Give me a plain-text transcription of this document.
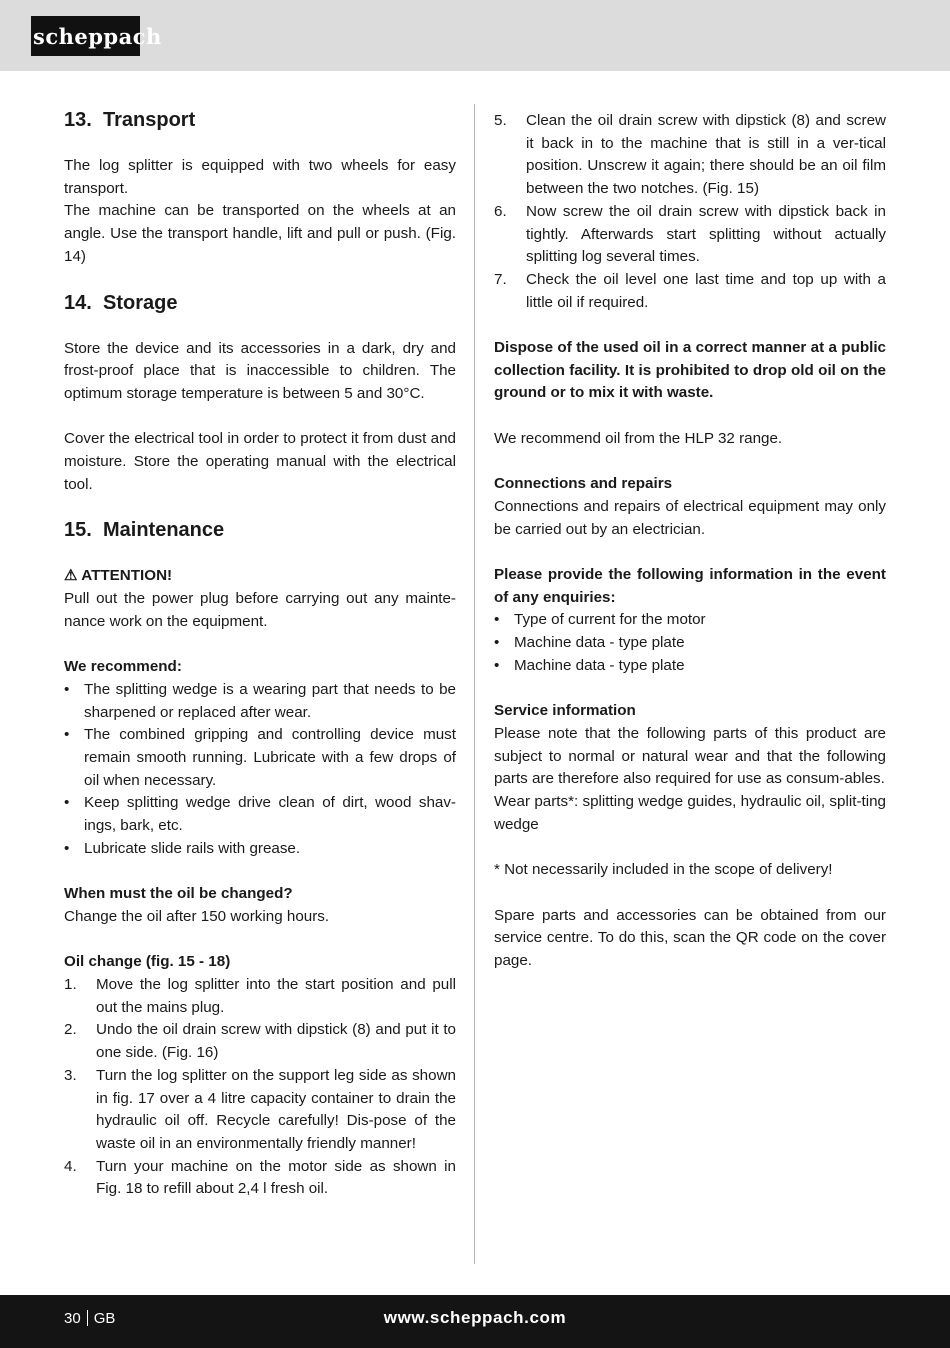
scheppach
13. Transport

The log splitter is equipped with two wheels for easy transport.

The machine can be transported on the wheels at an angle. Use the transport handle, lift and pull or push. (Fig. 14)

14. Storage

Store the device and its accessories in a dark, dry and frost-proof place that is inaccessible to children. The optimum storage temperature is between 5 and 30°C.

Cover the electrical tool in order to protect it from dust and moisture. Store the operating manual with the electrical tool.

15. Maintenance

⚠ ATTENTION!

Pull out the power plug before carrying out any mainte-nance work on the equipment.

We recommend:

• The splitting wedge is a wearing part that needs to be sharpened or replaced after wear.
• The combined gripping and controlling device must remain smooth running. Lubricate with a few drops of oil when necessary.
• Keep splitting wedge drive clean of dirt, wood shav-ings, bark, etc.
• Lubricate slide rails with grease.

When must the oil be changed?

Change the oil after 150 working hours.

Oil change (fig. 15 - 18)

1. Move the log splitter into the start position and pull out the mains plug.
2. Undo the oil drain screw with dipstick (8) and put it to one side. (Fig. 16)
3. Turn the log splitter on the support leg side as shown in fig. 17 over a 4 litre capacity container to drain the hydraulic oil off. Recycle carefully! Dis-pose of the waste oil in an environmentally friendly manner!
4. Turn your machine on the motor side as shown in Fig. 18 to refill about 2,4 l fresh oil.
5. Clean the oil drain screw with dipstick (8) and screw it back in to the machine that is still in a ver-tical position. Unscrew it again; there should be an oil film between the two notches. (Fig. 15)
6. Now screw the oil drain screw with dipstick back in tightly. Afterwards start splitting without actually splitting log several times.
7. Check the oil level one last time and top up with a little oil if required.

Dispose of the used oil in a correct manner at a public collection facility. It is prohibited to drop old oil on the ground or to mix it with waste.

We recommend oil from the HLP 32 range.

Connections and repairs

Connections and repairs of electrical equipment may only be carried out by an electrician.

Please provide the following information in the event of any enquiries:

• Type of current for the motor
• Machine data - type plate
• Machine data - type plate

Service information

Please note that the following parts of this product are subject to normal or natural wear and that the following parts are therefore also required for use as consum-ables.

Wear parts*: splitting wedge guides, hydraulic oil, split-ting wedge

* Not necessarily included in the scope of delivery!

Spare parts and accessories can be obtained from our service centre. To do this, scan the QR code on the cover page.

30 GB	www.scheppach.com
